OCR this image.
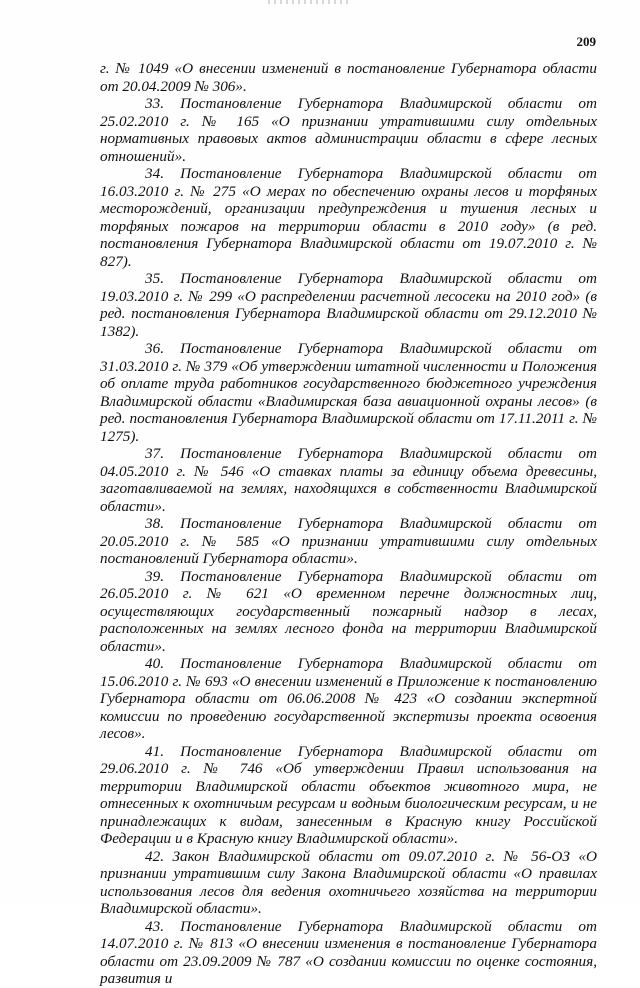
209

г. № 1049 «О внесении изменений в постановление Губернатора области от 20.04.2009 № 306».

33. Постановление Губернатора Владимирской области от 25.02.2010 г. № 165 «О признании утратившими силу отдельных нормативных правовых актов администрации области в сфере лесных отношений».

34. Постановление Губернатора Владимирской области от 16.03.2010 г. № 275 «О мерах по обеспечению охраны лесов и торфяных месторождений, организации предупреждения и тушения лесных и торфяных пожаров на территории области в 2010 году» (в ред. постановления Губернатора Владимирской области от 19.07.2010 г. № 827).

35. Постановление Губернатора Владимирской области от 19.03.2010 г. № 299 «О распределении расчетной лесосеки на 2010 год» (в ред. постановления Губернатора Владимирской области от 29.12.2010 № 1382).

36. Постановление Губернатора Владимирской области от 31.03.2010 г. № 379 «Об утверждении штатной численности и Положения об оплате труда работников государственного бюджетного учреждения Владимирской области «Владимирская база авиационной охраны лесов» (в ред. постановления Губернатора Владимирской области от 17.11.2011 г. № 1275).

37. Постановление Губернатора Владимирской области от 04.05.2010 г. № 546 «О ставках платы за единицу объема древесины, заготавливаемой на землях, находящихся в собственности Владимирской области».

38. Постановление Губернатора Владимирской области от 20.05.2010 г. № 585 «О признании утратившими силу отдельных постановлений Губернатора области».

39. Постановление Губернатора Владимирской области от 26.05.2010 г. № 621 «О временном перечне должностных лиц, осуществляющих государственный пожарный надзор в лесах, расположенных на землях лесного фонда на территории Владимирской области».

40. Постановление Губернатора Владимирской области от 15.06.2010 г. № 693 «О внесении изменений в Приложение к постановлению Губернатора области от 06.06.2008 № 423 «О создании экспертной комиссии по проведению государственной экспертизы проекта освоения лесов».

41. Постановление Губернатора Владимирской области от 29.06.2010 г. № 746 «Об утверждении Правил использования на территории Владимирской области объектов животного мира, не отнесенных к охотничьим ресурсам и водным биологическим ресурсам, и не принадлежащих к видам, занесенным в Красную книгу Российской Федерации и в Красную книгу Владимирской области».

42. Закон Владимирской области от 09.07.2010 г. № 56-ОЗ «О признании утратившим силу Закона Владимирской области «О правилах использования лесов для ведения охотничьего хозяйства на территории Владимирской области».

43. Постановление Губернатора Владимирской области от 14.07.2010 г. № 813 «О внесении изменения в постановление Губернатора области от 23.09.2009 № 787 «О создании комиссии по оценке состояния, развития и
